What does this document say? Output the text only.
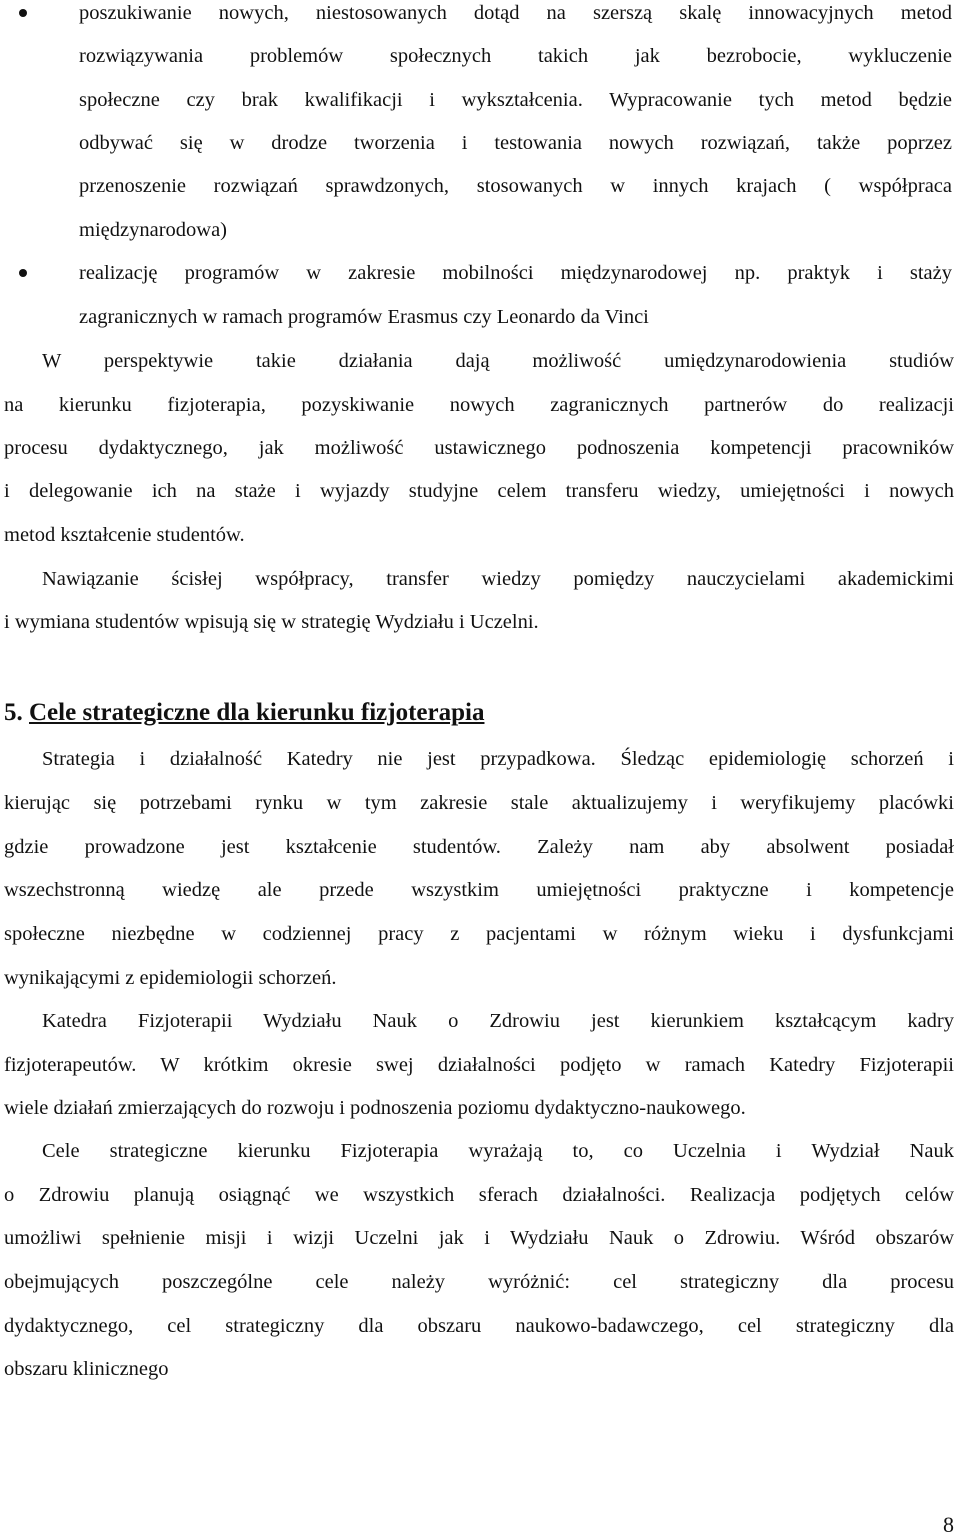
poszukiwanie nowych, niestosowanych dotąd na szerszą skalę innowacyjnych metod
rozwiązywania problemów społecznych takich jak bezrobocie, wykluczenie
społeczne czy brak kwalifikacji i wykształcenia. Wypracowanie tych metod będzie
odbywać się w drodze tworzenia i testowania nowych rozwiązań, także poprzez
przenoszenie rozwiązań sprawdzonych, stosowanych w innych krajach ( współpraca
międzynarodowa)
realizację programów w zakresie mobilności międzynarodowej np. praktyk i staży
zagranicznych w ramach programów Erasmus czy Leonardo da Vinci
W perspektywie takie działania dają możliwość umiędzynarodowienia studiów
na kierunku fizjoterapia, pozyskiwanie nowych zagranicznych partnerów do realizacji
procesu dydaktycznego, jak możliwość ustawicznego podnoszenia kompetencji pracowników
i delegowanie ich na staże i wyjazdy studyjne celem transferu wiedzy, umiejętności i nowych
metod kształcenie studentów.
Nawiązanie ścisłej współpracy, transfer wiedzy pomiędzy nauczycielami akademickimi
i wymiana studentów wpisują się w strategię Wydziału i Uczelni.
5. Cele strategiczne dla kierunku fizjoterapia
Strategia i działalność Katedry nie jest przypadkowa. Śledząc epidemiologię schorzeń i
kierując się potrzebami rynku w tym zakresie stale aktualizujemy i weryfikujemy placówki
gdzie prowadzone jest kształcenie studentów. Zależy nam aby absolwent posiadał
wszechstronną wiedzę ale przede wszystkim umiejętności praktyczne i kompetencje
społeczne niezbędne w codziennej pracy z pacjentami w różnym wieku i dysfunkcjami
wynikającymi z epidemiologii schorzeń.
Katedra Fizjoterapii Wydziału Nauk o Zdrowiu jest kierunkiem kształcącym kadry
fizjoterapeutów. W krótkim okresie swej działalności podjęto w ramach Katedry Fizjoterapii
wiele działań zmierzających do rozwoju i podnoszenia poziomu dydaktyczno-naukowego.
Cele strategiczne kierunku Fizjoterapia wyrażają to, co Uczelnia i Wydział Nauk
o Zdrowiu planują osiągnąć we wszystkich sferach działalności. Realizacja podjętych celów
umożliwi spełnienie misji i wizji Uczelni jak i Wydziału Nauk o Zdrowiu. Wśród obszarów
obejmujących poszczególne cele należy wyróżnić: cel strategiczny dla procesu
dydaktycznego, cel strategiczny dla obszaru naukowo-badawczego, cel strategiczny dla
obszaru klinicznego
8
